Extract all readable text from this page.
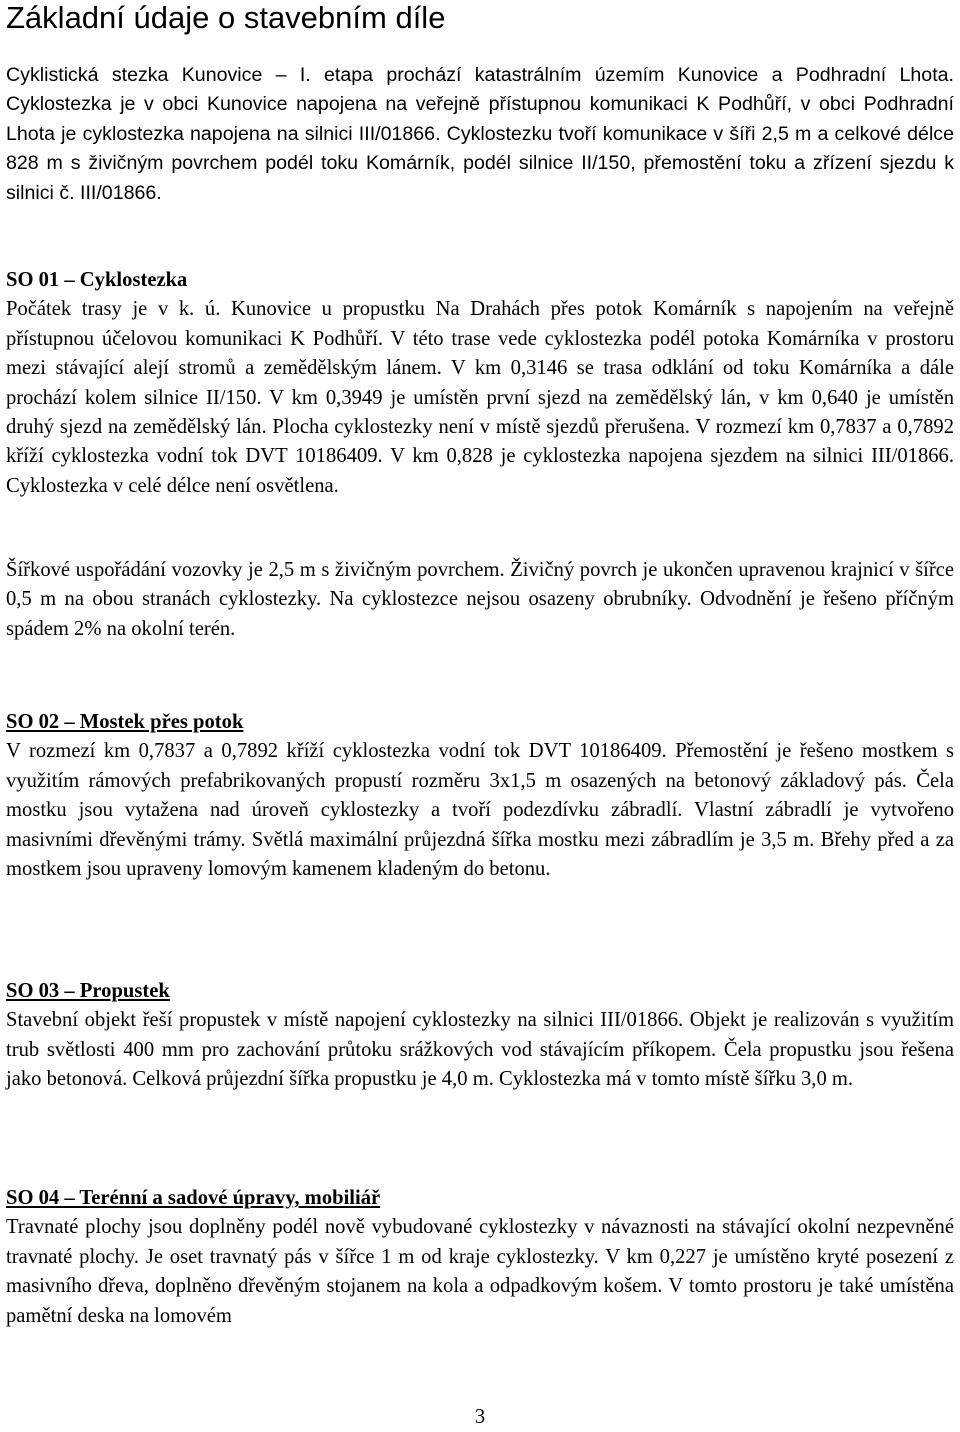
Základní údaje o stavebním díle

Cyklistická stezka Kunovice – I. etapa prochází katastrálním územím Kunovice a Podhradní Lhota. Cyklostezka je v obci Kunovice napojena na veřejně přístupnou komunikaci K Podhůří, v obci Podhradní Lhota je cyklostezka napojena na silnici III/01866. Cyklostezku tvoří komunikace v šíři 2,5 m a celkové délce 828 m s živičným povrchem podél toku Komárník, podél silnice II/150, přemostění toku a zřízení sjezdu k silnici č. III/01866.

SO 01 – Cyklostezka

Počátek trasy je v k. ú. Kunovice u propustku Na Drahách přes potok Komárník s napojením na veřejně přístupnou účelovou komunikaci K Podhůří. V této trase vede cyklostezka podél potoka Komárníka v prostoru mezi stávající alejí stromů a zemědělským lánem. V km 0,3146 se trasa odklání od toku Komárníka a dále prochází kolem silnice II/150. V km 0,3949 je umístěn první sjezd na zemědělský lán, v km 0,640 je umístěn druhý sjezd na zemědělský lán. Plocha cyklostezky není v místě sjezdů přerušena. V rozmezí km 0,7837 a 0,7892 kříží cyklostezka vodní tok DVT 10186409. V km 0,828 je cyklostezka napojena sjezdem na silnici III/01866. Cyklostezka v celé délce není osvětlena.

Šířkové uspořádání vozovky je 2,5 m s živičným povrchem. Živičný povrch je ukončen upravenou krajnicí v šířce 0,5 m na obou stranách cyklostezky. Na cyklostezce nejsou osazeny obrubníky. Odvodnění je řešeno příčným spádem 2% na okolní terén.

SO 02 – Mostek přes potok

V rozmezí km 0,7837 a 0,7892 kříží cyklostezka vodní tok DVT 10186409. Přemostění je řešeno mostkem s využitím rámových prefabrikovaných propustí rozměru 3x1,5 m osazených na betonový základový pás. Čela mostku jsou vytažena nad úroveň cyklostezky a tvoří podezdívku zábradlí. Vlastní zábradlí je vytvořeno masivními dřevěnými trámy. Světlá maximální průjezdná šířka mostku mezi zábradlím je 3,5 m. Břehy před a za mostkem jsou upraveny lomovým kamenem kladeným do betonu.

SO 03 – Propustek

Stavební objekt řeší propustek v místě napojení cyklostezky na silnici III/01866. Objekt je realizován s využitím trub světlosti 400 mm pro zachování průtoku srážkových vod stávajícím příkopem. Čela propustku jsou řešena jako betonová. Celková průjezdní šířka propustku je 4,0 m. Cyklostezka má v tomto místě šířku 3,0 m.

SO 04 – Terénní a sadové úpravy, mobiliář

Travnaté plochy jsou doplněny podél nově vybudované cyklostezky v návaznosti na stávající okolní nezpevněné travnaté plochy. Je oset travnatý pás v šířce 1 m od kraje cyklostezky. V km 0,227 je umístěno kryté posezení z masivního dřeva, doplněno dřevěným stojanem na kola a odpadkovým košem. V tomto prostoru je také umístěna pamětní deska na lomovém

3
